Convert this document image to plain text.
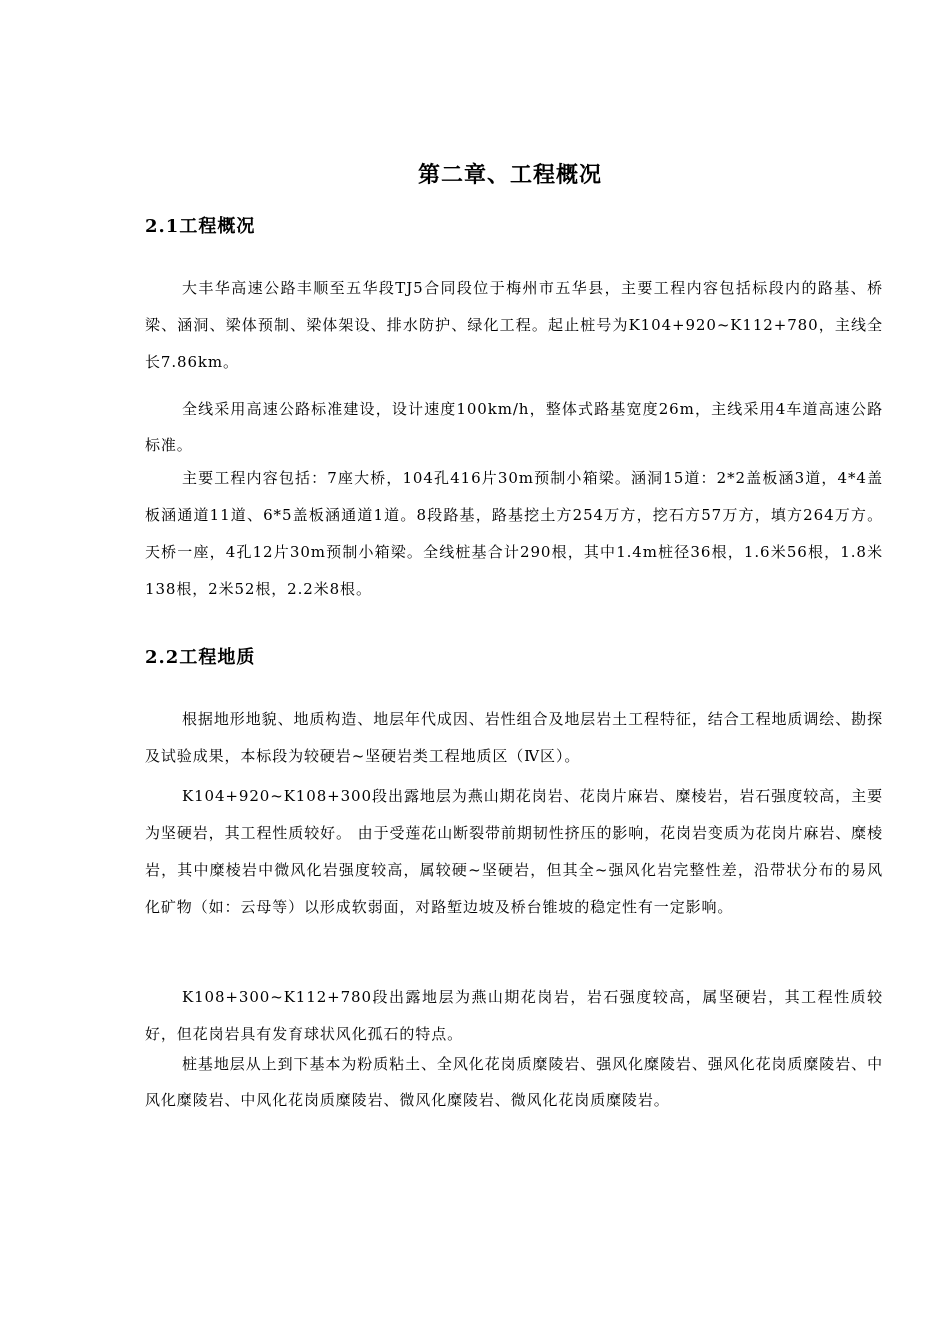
第二章、工程概况
2.1工程概况

大丰华高速公路丰顺至五华段TJ5合同段位于梅州市五华县，主要工程内容包括标段内的路基、桥梁、涵洞、梁体预制、梁体架设、排水防护、绿化工程。起止桩号为K104+920~K112+780，主线全长7.86km。

全线采用高速公路标准建设，设计速度100km/h，整体式路基宽度26m，主线采用4车道高速公路标准。

主要工程内容包括：7座大桥，104孔416片30m预制小箱梁。涵洞15道：2*2盖板涵3道，4*4盖板涵通道11道、6*5盖板涵通道1道。8段路基，路基挖土方254万方，挖石方57万方，填方264万方。天桥一座，4孔12片30m预制小箱梁。全线桩基合计290根，其中1.4m桩径36根，1.6米56根，1.8米138根，2米52根，2.2米8根。

2.2工程地质

根据地形地貌、地质构造、地层年代成因、岩性组合及地层岩土工程特征，结合工程地质调绘、勘探及试验成果，本标段为较硬岩~坚硬岩类工程地质区（Ⅳ区）。

K104+920~K108+300段出露地层为燕山期花岗岩、花岗片麻岩、糜棱岩，岩石强度较高，主要为坚硬岩，其工程性质较好。 由于受莲花山断裂带前期韧性挤压的影响，花岗岩变质为花岗片麻岩、糜棱岩，其中糜棱岩中微风化岩强度较高，属较硬~坚硬岩，但其全~强风化岩完整性差，沿带状分布的易风化矿物（如：云母等）以形成软弱面，对路堑边坡及桥台锥坡的稳定性有一定影响。

K108+300~K112+780段出露地层为燕山期花岗岩，岩石强度较高，属坚硬岩，其工程性质较好，但花岗岩具有发育球状风化孤石的特点。

桩基地层从上到下基本为粉质粘土、全风化花岗质糜陵岩、强风化糜陵岩、强风化花岗质糜陵岩、中风化糜陵岩、中风化花岗质糜陵岩、微风化糜陵岩、微风化花岗质糜陵岩。
